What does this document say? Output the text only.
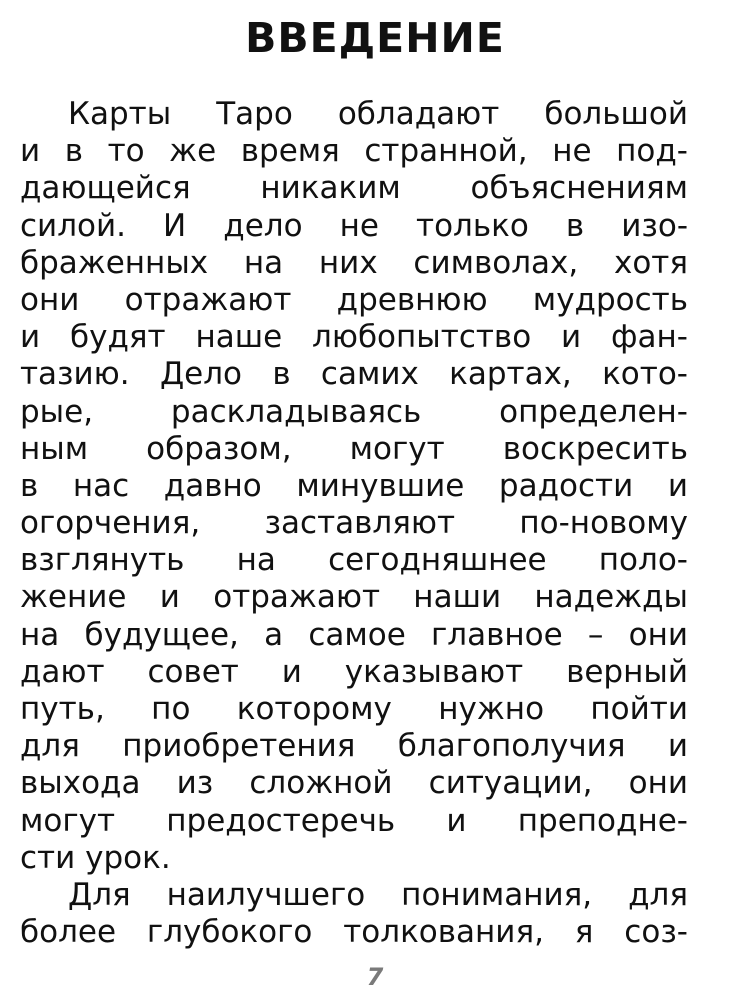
ВВЕДЕНИЕ
Карты Таро обладают большой
и в то же время странной, не под-
дающейся никаким объяснениям
силой. И дело не только в изо-
браженных на них символах, хотя
они отражают древнюю мудрость
и будят наше любопытство и фан-
тазию. Дело в самих картах, кото-
рые, раскладываясь определен-
ным образом, могут воскресить
в нас давно минувшие радости и
огорчения, заставляют по-новому
взглянуть на сегодняшнее поло-
жение и отражают наши надежды
на будущее, а самое главное – они
дают совет и указывают верный
путь, по которому нужно пойти
для приобретения благополучия и
выхода из сложной ситуации, они
могут предостеречь и преподне-
сти урок.
Для наилучшего понимания, для
более глубокого толкования, я соз-
7
